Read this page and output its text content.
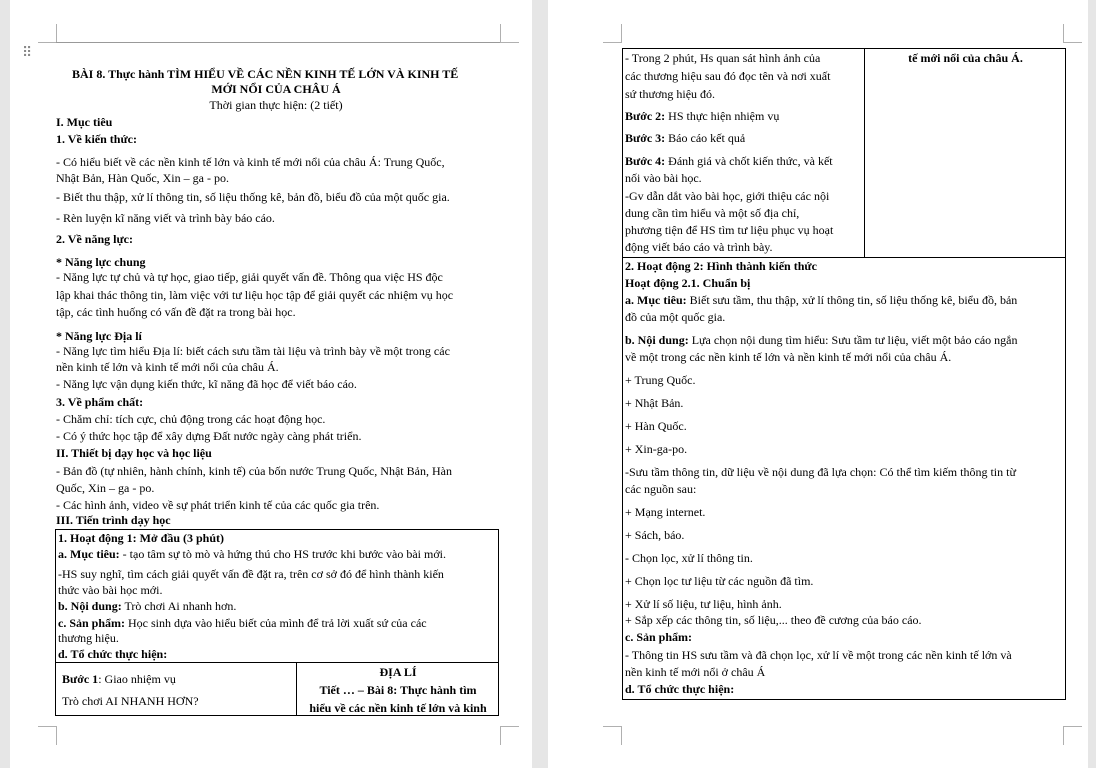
⠿
BÀI 8. Thực hành TÌM HIỂU VỀ CÁC NỀN KINH TẾ LỚN VÀ KINH TẾ
MỚI NỔI CỦA CHÂU Á
Thời gian thực hiện: (2 tiết)
I. Mục tiêu
1. Về kiến thức:
- Có hiểu biết về các nền kinh tế lớn và kinh tế mới nổi của châu Á: Trung Quốc,
Nhật Bản, Hàn Quốc, Xin – ga - po.
- Biết thu thập, xử lí thông tin, số liệu thống kê, bản đồ, biểu đồ của một quốc gia.
- Rèn luyện kĩ năng viết và trình bày báo cáo.
2. Về năng lực:
* Năng lực chung
- Năng lực tự chủ và tự học, giao tiếp, giải quyết vấn đề. Thông qua việc HS độc
lập khai thác thông tin, làm việc với tư liệu học tập để giải quyết các nhiệm vụ học
tập, các tình huống có vấn đề đặt ra trong bài học.
* Năng lực Địa lí
- Năng lực tìm hiểu Địa lí: biết cách sưu tầm tài liệu và trình bày về một trong các
nền kinh tế lớn và kinh tế mới nổi của châu Á.
- Năng lực vận dụng kiến thức, kĩ năng đã học để viết báo cáo.
3. Về phẩm chất:
- Chăm chỉ: tích cực, chủ động trong các hoạt động học.
- Có ý thức học tập để xây dựng Đất nước ngày càng phát triển.
II. Thiết bị dạy học và học liệu
- Bản đồ (tự nhiên, hành chính, kinh tế) của bốn nước Trung Quốc, Nhật Bản, Hàn
Quốc, Xin – ga - po.
- Các hình ảnh, video về sự phát triển kinh tế của các quốc gia trên.
III. Tiến trình dạy học
1. Hoạt động 1: Mở đầu (3 phút)
a. Mục tiêu: - tạo tâm sự tò mò và hứng thú cho HS trước khi bước vào bài mới.
-HS suy nghĩ, tìm cách giải quyết vấn đề đặt ra, trên cơ sở đó để hình thành kiến
thức vào bài học mới.
b. Nội dung: Trò chơi Ai nhanh hơn.
c. Sản phẩm: Học sinh dựa vào hiểu biết của mình để trả lời xuất sứ của các
thương hiệu.
d. Tổ chức thực hiện:
Bước 1: Giao nhiệm vụ
Trò chơi AI NHANH HƠN?
ĐỊA LÍ
Tiết … – Bài 8: Thực hành tìm
hiểu về các nền kinh tế lớn và kinh
- Trong 2 phút, Hs quan sát hình ảnh của
các thương hiệu sau đó đọc tên và nơi xuất
sứ thương hiệu đó.
Bước 2: HS thực hiện nhiệm vụ
Bước 3: Báo cáo kết quả
Bước 4: Đánh giá và chốt kiến thức, và kết
nối vào bài học.
-Gv dẫn dắt vào bài học, giới thiệu các nội
dung cần tìm hiểu và một số địa chỉ,
phương tiện để HS tìm tư liệu phục vụ hoạt
động viết báo cáo và trình bày.
tế mới nổi của châu Á.
2. Hoạt động 2: Hình thành kiến thức
Hoạt động 2.1. Chuẩn bị
a. Mục tiêu: Biết sưu tầm, thu thập, xử lí thông tin, số liệu thống kê, biểu đồ, bản
đồ của một quốc gia.
b. Nội dung: Lựa chọn nội dung tìm hiểu: Sưu tầm tư liệu, viết một bảo cáo ngắn
về một trong các nền kinh tế lớn và nền kinh tế mới nổi của châu Á.
+ Trung Quốc.
+ Nhật Bản.
+ Hàn Quốc.
+ Xin-ga-po.
-Sưu tầm thông tin, dữ liệu về nội dung đã lựa chọn: Có thể tìm kiếm thông tin từ
các nguồn sau:
+ Mạng internet.
+ Sách, báo.
- Chọn lọc, xử lí thông tin.
+ Chọn lọc tư liệu từ các nguồn đã tìm.
+ Xử lí số liệu, tư liệu, hình ảnh.
+ Sắp xếp các thông tin, số liệu,... theo đề cương của báo cáo.
c. Sản phẩm:
- Thông tin HS sưu tầm và đã chọn lọc, xử lí về một trong các nền kinh tế lớn và
nền kinh tế mới nổi ở châu Á
d. Tổ chức thực hiện:
